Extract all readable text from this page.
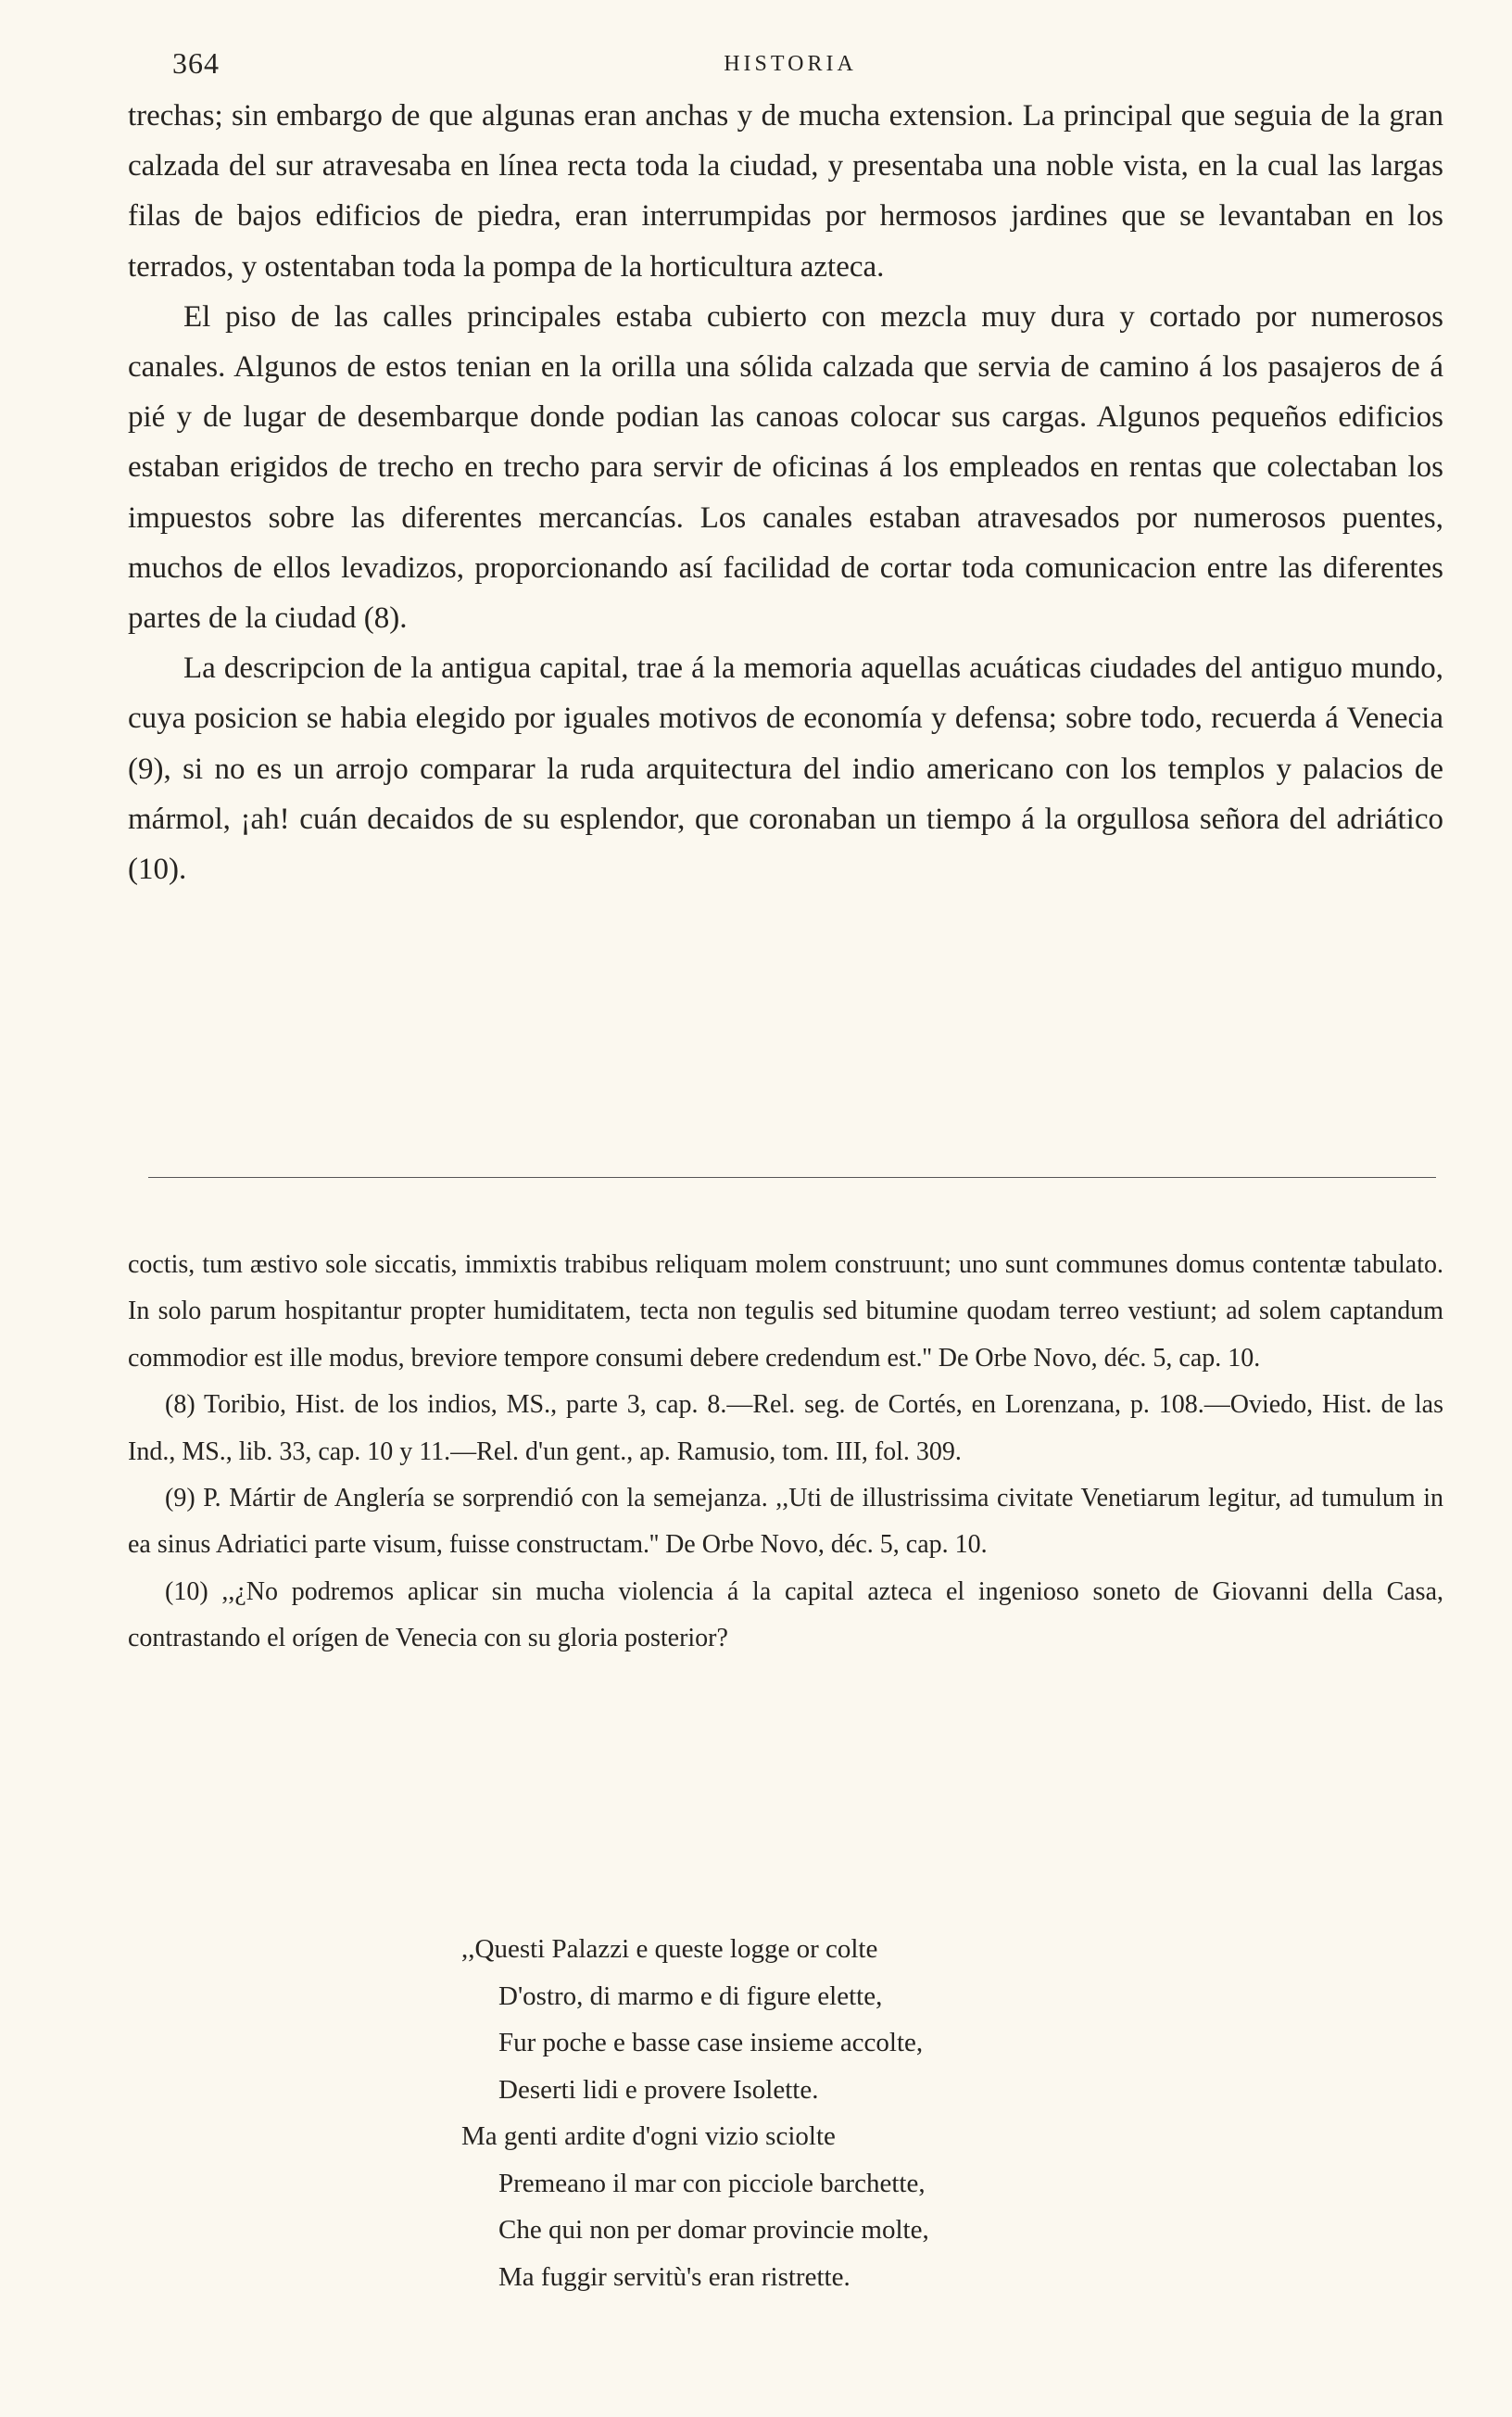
364	HISTORIA

trechas; sin embargo de que algunas eran anchas y de mucha extension. La principal que seguia de la gran calzada del sur atravesaba en línea recta toda la ciudad, y presentaba una noble vista, en la cual las largas filas de bajos edificios de piedra, eran interrumpidas por hermosos jardines que se levantaban en los terrados, y ostentaban toda la pompa de la horticultura azteca.

El piso de las calles principales estaba cubierto con mezcla muy dura y cortado por numerosos canales. Algunos de estos tenian en la orilla una sólida calzada que servia de camino á los pasajeros de á pié y de lugar de desembarque donde podian las canoas colocar sus cargas. Algunos pequeños edificios estaban erigidos de trecho en trecho para servir de oficinas á los empleados en rentas que colectaban los impuestos sobre las diferentes mercancías. Los canales estaban atravesados por numerosos puentes, muchos de ellos levadizos, proporcionando así facilidad de cortar toda comunicacion entre las diferentes partes de la ciudad (8).

La descripcion de la antigua capital, trae á la memoria aquellas acuáticas ciudades del antiguo mundo, cuya posicion se habia elegido por iguales motivos de economía y defensa; sobre todo, recuerda á Venecia (9), si no es un arrojo comparar la ruda arquitectura del indio americano con los templos y palacios de mármol, ¡ah! cuán decaidos de su esplendor, que coronaban un tiempo á la orgullosa señora del adriático (10).

coctis, tum æstivo sole siccatis, immixtis trabibus reliquam molem construunt; uno sunt communes domus contentæ tabulato. In solo parum hospitantur propter humiditatem, tecta non tegulis sed bitumine quodam terreo vestiunt; ad solem captandum commodior est ille modus, breviore tempore consumi debere credendum est.'' De Orbe Novo, déc. 5, cap. 10.

(8) Toribio, Hist. de los indios, MS., parte 3, cap. 8.—Rel. seg. de Cortés, en Lorenzana, p. 108.—Oviedo, Hist. de las Ind., MS., lib. 33, cap. 10 y 11.—Rel. d'un gent., ap. Ramusio, tom. III, fol. 309.

(9) P. Mártir de Anglería se sorprendió con la semejanza. ,,Uti de illustrissima civitate Venetiarum legitur, ad tumulum in ea sinus Adriatici parte visum, fuisse constructam.'' De Orbe Novo, déc. 5, cap. 10.

(10) ,,¿No podremos aplicar sin mucha violencia á la capital azteca el ingenioso soneto de Giovanni della Casa, contrastando el orígen de Venecia con su gloria posterior?

,,Questi Palazzi e queste logge or colte
D'ostro, di marmo e di figure elette,
Fur poche e basse case insieme accolte,
Deserti lidi e provere Isolette.
Ma genti ardite d'ogni vizio sciolte
Premeano il mar con picciole barchette,
Che qui non per domar provincie molte,
Ma fuggir servitù's eran ristrette.
